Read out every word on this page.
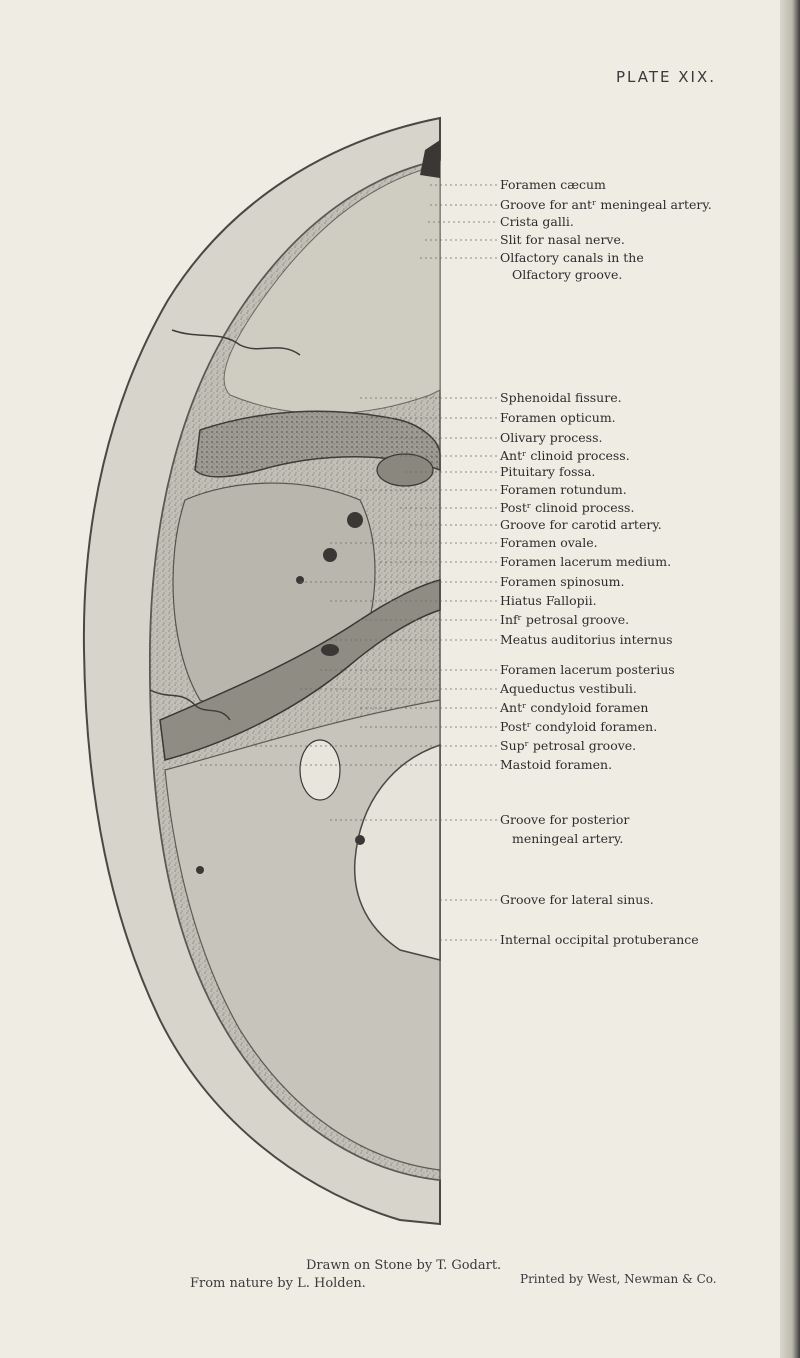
PLATE XIX.
Foramen cæcum
Groove for antʳ meningeal artery.
Crista galli.
Slit for nasal nerve.
Olfactory canals in the
Olfactory groove.
Sphenoidal fissure.
Foramen opticum.
Olivary process.
Antʳ clinoid process.
Pituitary fossa.
Foramen rotundum.
Postʳ clinoid process.
Groove for carotid artery.
Foramen ovale.
Foramen lacerum medium.
Foramen spinosum.
Hiatus Fallopii.
Infʳ petrosal groove.
Meatus auditorius internus
Foramen lacerum posterius
Aqueductus vestibuli.
Antʳ condyloid foramen
Postʳ condyloid foramen.
Supʳ petrosal groove.
Mastoid foramen.
Groove for posterior
meningeal artery.
Groove for lateral sinus.
Internal occipital protuberance
Drawn on Stone by T. Godart.
From nature by L. Holden.	Printed by West, Newman & Co.
